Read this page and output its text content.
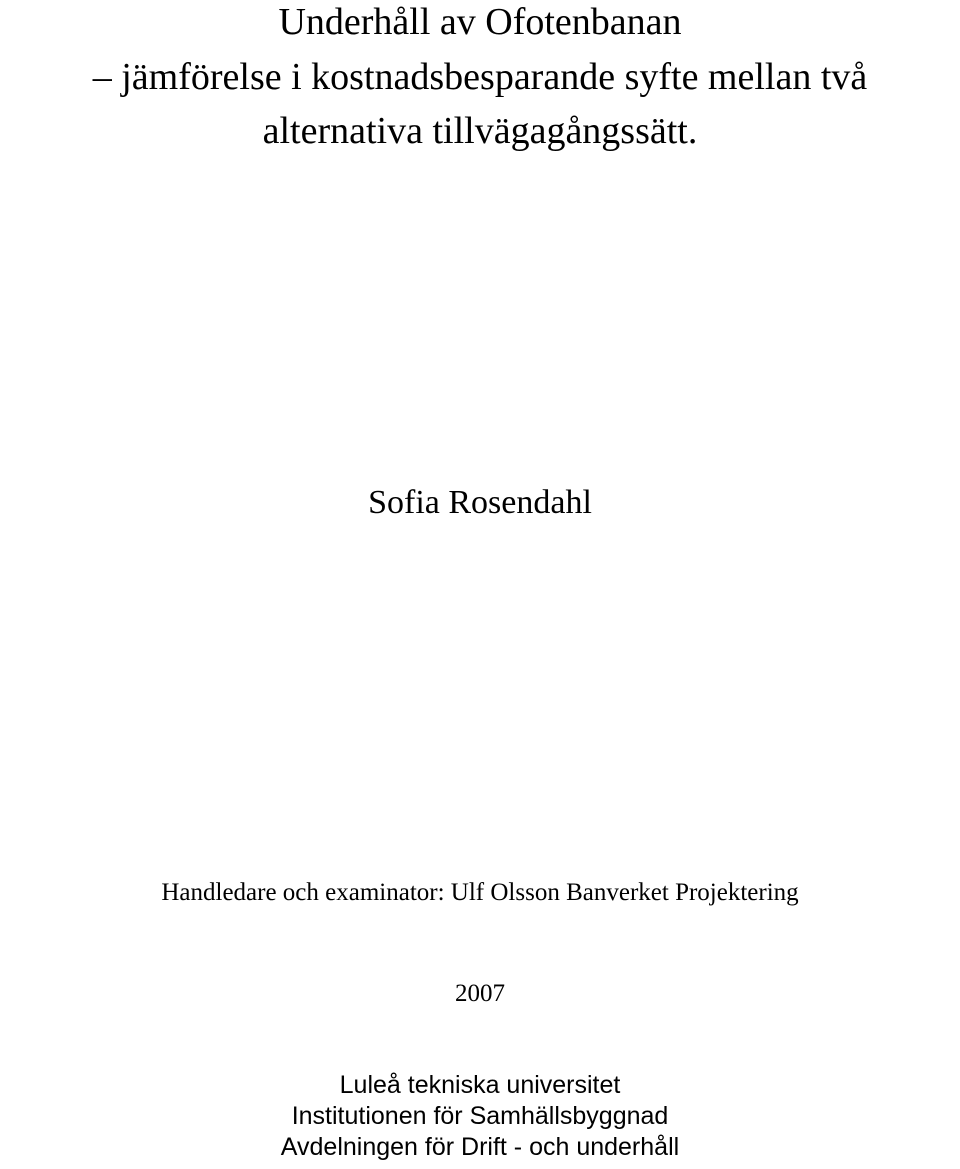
Underhåll av Ofotenbanan
– jämförelse i kostnadsbesparande syfte mellan två
alternativa tillvägagångssätt.
Sofia Rosendahl
Handledare och examinator: Ulf Olsson Banverket Projektering
2007
Luleå tekniska universitet
Institutionen för Samhällsbyggnad
Avdelningen för Drift - och underhåll
